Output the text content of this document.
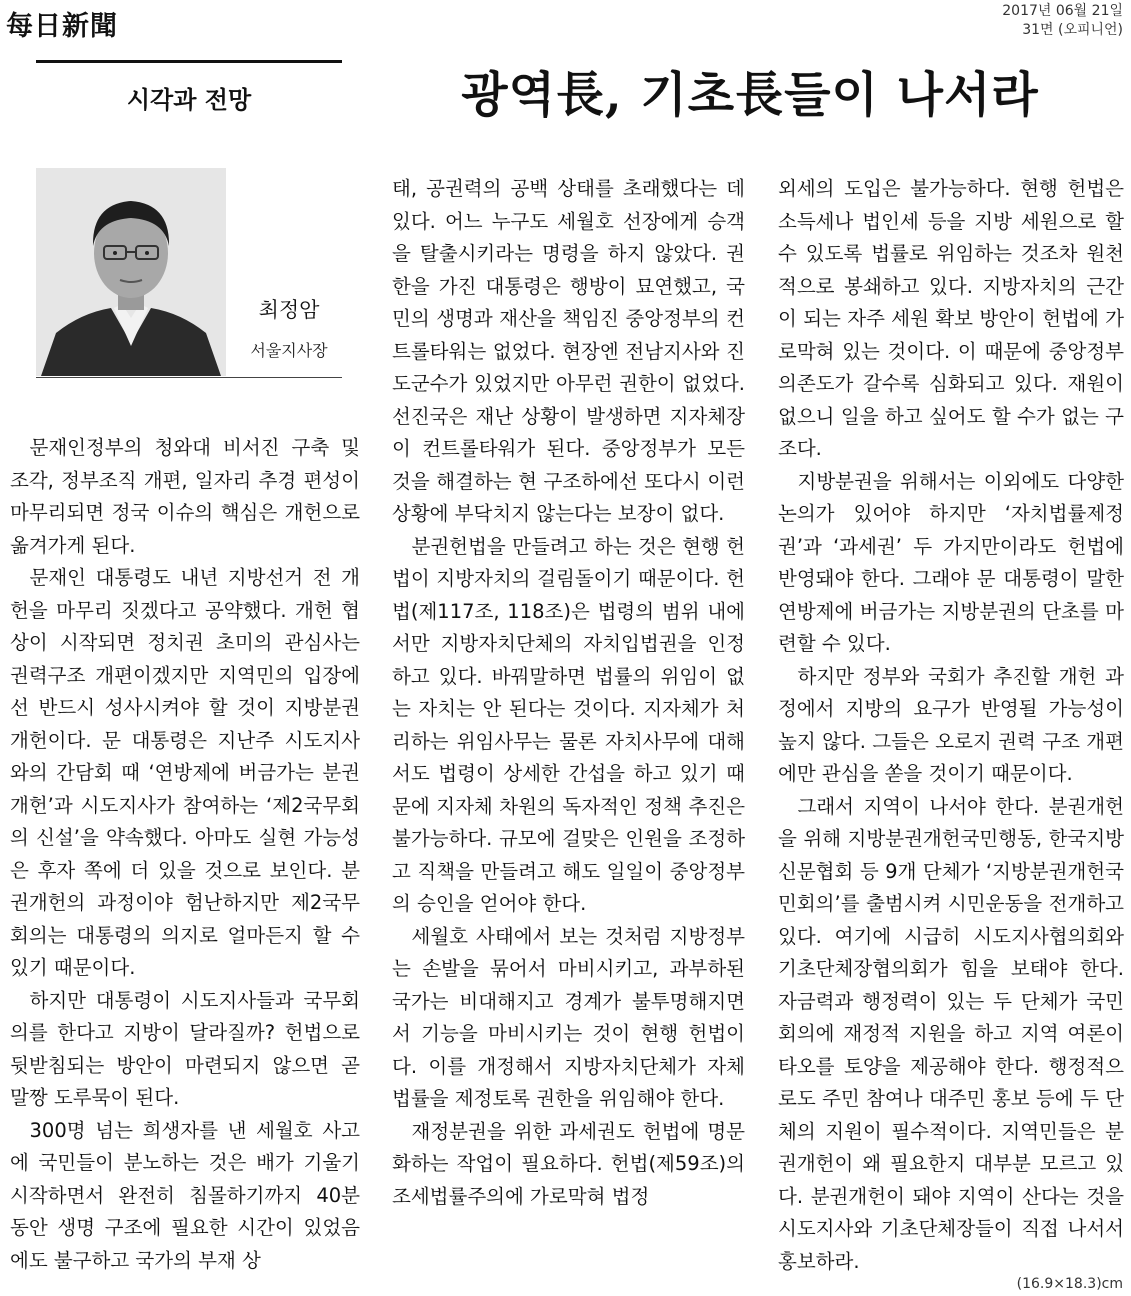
每日新聞	2017년 06월 21일
31면 (오피니언)
시각과 전망	광역長, 기초長들이 나서라
최정암
서울지사장

문재인정부의 청와대 비서진 구축 및 조각, 정부조직 개편, 일자리 추경 편성이 마무리되면 정국 이슈의 핵심은 개헌으로 옮겨가게 된다.

문재인 대통령도 내년 지방선거 전 개헌을 마무리 짓겠다고 공약했다. 개헌 협상이 시작되면 정치권 초미의 관심사는 권력구조 개편이겠지만 지역민의 입장에선 반드시 성사시켜야 할 것이 지방분권개헌이다. 문 대통령은 지난주 시도지사와의 간담회 때 ‘연방제에 버금가는 분권개헌’과 시도지사가 참여하는 ‘제2국무회의 신설’을 약속했다. 아마도 실현 가능성은 후자 쪽에 더 있을 것으로 보인다. 분권개헌의 과정이야 험난하지만 제2국무회의는 대통령의 의지로 얼마든지 할 수 있기 때문이다.

하지만 대통령이 시도지사들과 국무회의를 한다고 지방이 달라질까? 헌법으로 뒷받침되는 방안이 마련되지 않으면 곧 말짱 도루묵이 된다.

300명 넘는 희생자를 낸 세월호 사고에 국민들이 분노하는 것은 배가 기울기 시작하면서 완전히 침몰하기까지 40분 동안 생명 구조에 필요한 시간이 있었음에도 불구하고 국가의 부재 상

태, 공권력의 공백 상태를 초래했다는 데 있다. 어느 누구도 세월호 선장에게 승객을 탈출시키라는 명령을 하지 않았다. 권한을 가진 대통령은 행방이 묘연했고, 국민의 생명과 재산을 책임진 중앙정부의 컨트롤타워는 없었다. 현장엔 전남지사와 진도군수가 있었지만 아무런 권한이 없었다. 선진국은 재난 상황이 발생하면 지자체장이 컨트롤타워가 된다. 중앙정부가 모든 것을 해결하는 현 구조하에선 또다시 이런 상황에 부닥치지 않는다는 보장이 없다.

분권헌법을 만들려고 하는 것은 현행 헌법이 지방자치의 걸림돌이기 때문이다. 헌법(제117조, 118조)은 법령의 범위 내에서만 지방자치단체의 자치입법권을 인정하고 있다. 바꿔말하면 법률의 위임이 없는 자치는 안 된다는 것이다. 지자체가 처리하는 위임사무는 물론 자치사무에 대해서도 법령이 상세한 간섭을 하고 있기 때문에 지자체 차원의 독자적인 정책 추진은 불가능하다. 규모에 걸맞은 인원을 조정하고 직책을 만들려고 해도 일일이 중앙정부의 승인을 얻어야 한다.

세월호 사태에서 보는 것처럼 지방정부는 손발을 묶어서 마비시키고, 과부하된 국가는 비대해지고 경계가 불투명해지면서 기능을 마비시키는 것이 현행 헌법이다. 이를 개정해서 지방자치단체가 자체 법률을 제정토록 권한을 위임해야 한다.

재정분권을 위한 과세권도 헌법에 명문화하는 작업이 필요하다. 헌법(제59조)의 조세법률주의에 가로막혀 법정

외세의 도입은 불가능하다. 현행 헌법은 소득세나 법인세 등을 지방 세원으로 할 수 있도록 법률로 위임하는 것조차 원천적으로 봉쇄하고 있다. 지방자치의 근간이 되는 자주 세원 확보 방안이 헌법에 가로막혀 있는 것이다. 이 때문에 중앙정부 의존도가 갈수록 심화되고 있다. 재원이 없으니 일을 하고 싶어도 할 수가 없는 구조다.

지방분권을 위해서는 이외에도 다양한 논의가 있어야 하지만 ‘자치법률제정권’과 ‘과세권’ 두 가지만이라도 헌법에 반영돼야 한다. 그래야 문 대통령이 말한 연방제에 버금가는 지방분권의 단초를 마련할 수 있다.

하지만 정부와 국회가 추진할 개헌 과정에서 지방의 요구가 반영될 가능성이 높지 않다. 그들은 오로지 권력 구조 개편에만 관심을 쏟을 것이기 때문이다.

그래서 지역이 나서야 한다. 분권개헌을 위해 지방분권개헌국민행동, 한국지방신문협회 등 9개 단체가 ‘지방분권개헌국민회의’를 출범시켜 시민운동을 전개하고 있다. 여기에 시급히 시도지사협의회와 기초단체장협의회가 힘을 보태야 한다. 자금력과 행정력이 있는 두 단체가 국민회의에 재정적 지원을 하고 지역 여론이 타오를 토양을 제공해야 한다. 행정적으로도 주민 참여나 대주민 홍보 등에 두 단체의 지원이 필수적이다. 지역민들은 분권개헌이 왜 필요한지 대부분 모르고 있다. 분권개헌이 돼야 지역이 산다는 것을 시도지사와 기초단체장들이 직접 나서서 홍보하라.

(16.9×18.3)cm
